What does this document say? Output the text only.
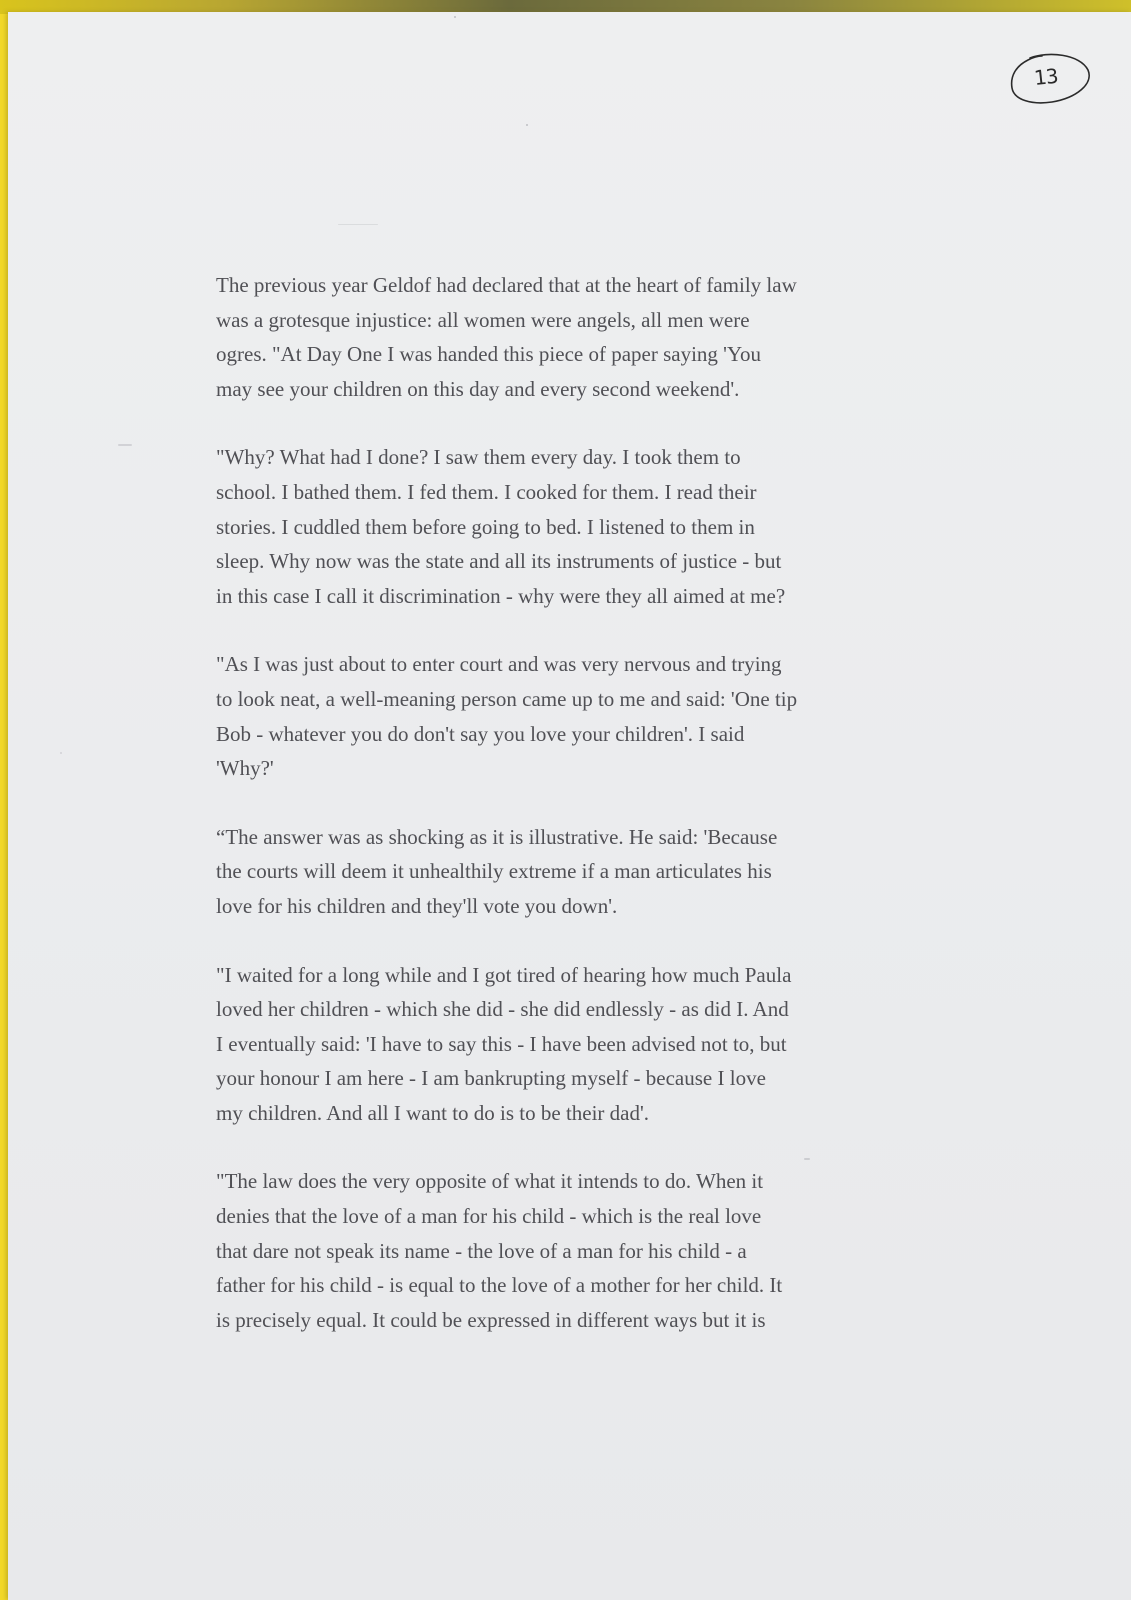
13

The previous year Geldof had declared that at the heart of family law
was a grotesque injustice: all women were angels, all men were
ogres. "At Day One I was handed this piece of paper saying 'You
may see your children on this day and every second weekend'.

"Why? What had I done? I saw them every day. I took them to
school. I bathed them. I fed them. I cooked for them. I read their
stories. I cuddled them before going to bed. I listened to them in
sleep. Why now was the state and all its instruments of justice - but
in this case I call it discrimination - why were they all aimed at me?

"As I was just about to enter court and was very nervous and trying
to look neat, a well-meaning person came up to me and said: 'One tip
Bob - whatever you do don't say you love your children'. I said
'Why?'

“The answer was as shocking as it is illustrative. He said: 'Because
the courts will deem it unhealthily extreme if a man articulates his
love for his children and they'll vote you down'.

"I waited for a long while and I got tired of hearing how much Paula
loved her children - which she did - she did endlessly - as did I. And
I eventually said: 'I have to say this - I have been advised not to, but
your honour I am here - I am bankrupting myself - because I love
my children. And all I want to do is to be their dad'.

"The law does the very opposite of what it intends to do. When it
denies that the love of a man for his child - which is the real love
that dare not speak its name - the love of a man for his child - a
father for his child - is equal to the love of a mother for her child. It
is precisely equal. It could be expressed in different ways but it is
